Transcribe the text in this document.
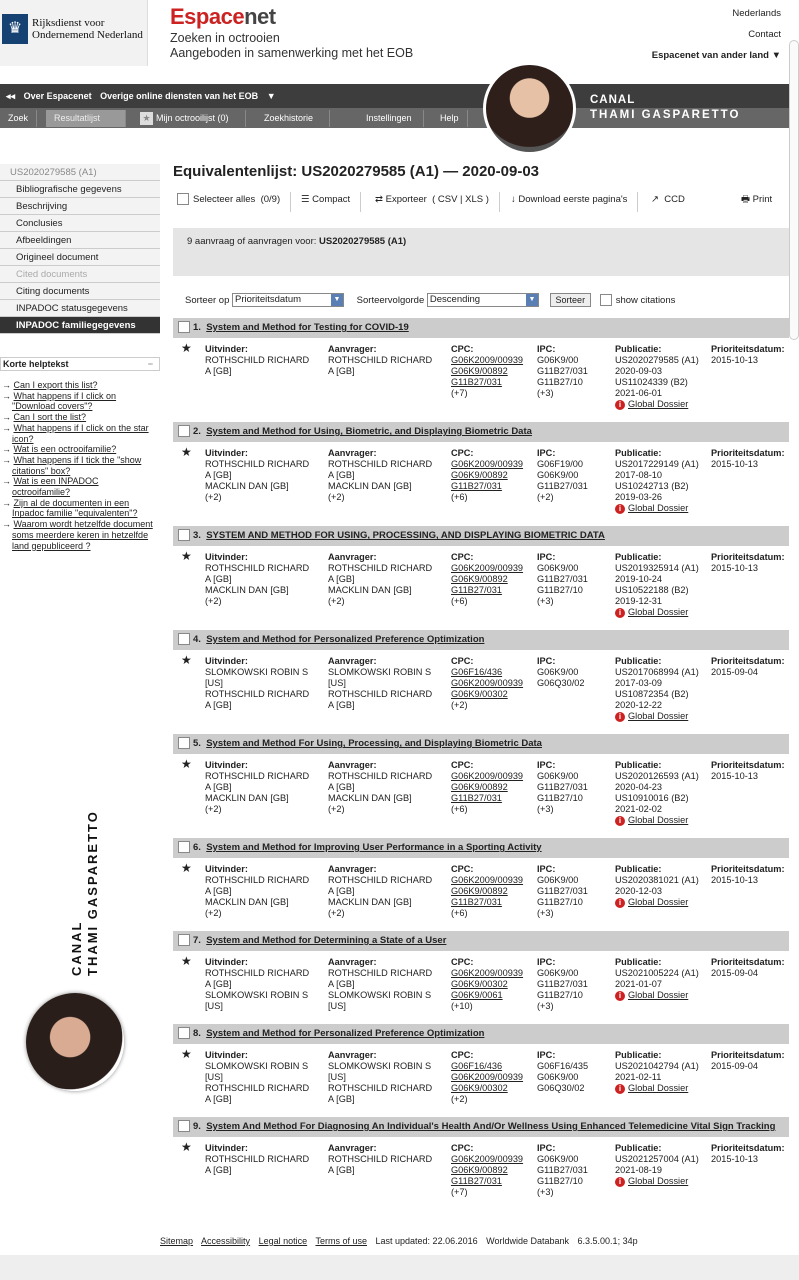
♛ Rijksdienst voor
Ondernemend Nederland
Espacenet
Zoeken in octrooien
Aangeboden in samenwerking met het EOB
Nederlands
Contact
Espacenet van ander land ▼
◂◂ Over Espacenet Overige online diensten van het EOB ▼
Zoek	Resultatlijst	★ Mijn octrooilijst (0)	Zoekhistorie	Instellingen	Help
CANAL
THAMI GASPARETTO
US2020279585 (A1)
Bibliografische gegevens
Beschrijving
Conclusies
Afbeeldingen
Origineel document
Cited documents
Citing documents
INPADOC statusgegevens
INPADOC familiegegevens
Korte helptekst	−
→ Can I export this list?
→ What happens if I click on "Download covers"?
→ Can I sort the list?
→ What happens if I click on the star icon?
→ Wat is een octrooifamilie?
→ What happens if I tick the "show citations" box?
→ Wat is een INPADOC octrooifamilie?
→ Zijn al de documenten in een Inpadoc familie "equivalenten"?
→ Waarom wordt hetzelfde document soms meerdere keren in hetzelfde land gepubliceerd ?
CANAL THAMI GASPARETTO
Equivalentenlijst: US2020279585 (A1) — 2020-09-03
Selecteer alles (0/9)	☰ Compact	⇄ Exporteer ( CSV | XLS )	↓ Download eerste pagina's	↗ CCD	🖶 Print
9 aanvraag of aanvragen voor: US2020279585 (A1)
Sorteer op Prioriteitsdatum	▼ Sorteervolgorde Descending	▼ Sorteer	show citations
1. System and Method for Testing for COVID-19
★ Uitvinder:
ROTHSCHILD RICHARD
A [GB]
Aanvrager:
ROTHSCHILD RICHARD
A [GB]
CPC:
G06K2009/00939
G06K9/00892
G11B27/031
(+7)
IPC:
G06K9/00
G11B27/031
G11B27/10
(+3)
Publicatie:
US2020279585 (A1)
2020-09-03
US11024339 (B2)
2021-06-01
i Global Dossier
Prioriteitsdatum:
2015-10-13
2. System and Method for Using, Biometric, and Displaying Biometric Data
★ Uitvinder:
ROTHSCHILD RICHARD
A [GB]
MACKLIN DAN [GB]
(+2)
Aanvrager:
ROTHSCHILD RICHARD
A [GB]
MACKLIN DAN [GB]
(+2)
CPC:
G06K2009/00939
G06K9/00892
G11B27/031
(+6)
IPC:
G06F19/00
G06K9/00
G11B27/031
(+2)
Publicatie:
US2017229149 (A1)
2017-08-10
US10242713 (B2)
2019-03-26
i Global Dossier
Prioriteitsdatum:
2015-10-13
3. SYSTEM AND METHOD FOR USING, PROCESSING, AND DISPLAYING BIOMETRIC DATA
★ Uitvinder:
ROTHSCHILD RICHARD
A [GB]
MACKLIN DAN [GB]
(+2)
Aanvrager:
ROTHSCHILD RICHARD
A [GB]
MACKLIN DAN [GB]
(+2)
CPC:
G06K2009/00939
G06K9/00892
G11B27/031
(+6)
IPC:
G06K9/00
G11B27/031
G11B27/10
(+3)
Publicatie:
US2019325914 (A1)
2019-10-24
US10522188 (B2)
2019-12-31
i Global Dossier
Prioriteitsdatum:
2015-10-13
4. System and Method for Personalized Preference Optimization
★ Uitvinder:
SLOMKOWSKI ROBIN S
[US]
ROTHSCHILD RICHARD
A [GB]
Aanvrager:
SLOMKOWSKI ROBIN S
[US]
ROTHSCHILD RICHARD
A [GB]
CPC:
G06F16/436
G06K2009/00939
G06K9/00302
(+2)
IPC:
G06K9/00
G06Q30/02
Publicatie:
US2017068994 (A1)
2017-03-09
US10872354 (B2)
2020-12-22
i Global Dossier
Prioriteitsdatum:
2015-09-04
5. System and Method For Using, Processing, and Displaying Biometric Data
★ Uitvinder:
ROTHSCHILD RICHARD
A [GB]
MACKLIN DAN [GB]
(+2)
Aanvrager:
ROTHSCHILD RICHARD
A [GB]
MACKLIN DAN [GB]
(+2)
CPC:
G06K2009/00939
G06K9/00892
G11B27/031
(+6)
IPC:
G06K9/00
G11B27/031
G11B27/10
(+3)
Publicatie:
US2020126593 (A1)
2020-04-23
US10910016 (B2)
2021-02-02
i Global Dossier
Prioriteitsdatum:
2015-10-13
6. System and Method for Improving User Performance in a Sporting Activity
★ Uitvinder:
ROTHSCHILD RICHARD
A [GB]
MACKLIN DAN [GB]
(+2)
Aanvrager:
ROTHSCHILD RICHARD
A [GB]
MACKLIN DAN [GB]
(+2)
CPC:
G06K2009/00939
G06K9/00892
G11B27/031
(+6)
IPC:
G06K9/00
G11B27/031
G11B27/10
(+3)
Publicatie:
US2020381021 (A1)
2020-12-03
i Global Dossier
Prioriteitsdatum:
2015-10-13
7. System and Method for Determining a State of a User
★ Uitvinder:
ROTHSCHILD RICHARD
A [GB]
SLOMKOWSKI ROBIN S
[US]
Aanvrager:
ROTHSCHILD RICHARD
A [GB]
SLOMKOWSKI ROBIN S
[US]
CPC:
G06K2009/00939
G06K9/00302
G06K9/0061
(+10)
IPC:
G06K9/00
G11B27/031
G11B27/10
(+3)
Publicatie:
US2021005224 (A1)
2021-01-07
i Global Dossier
Prioriteitsdatum:
2015-09-04
8. System and Method for Personalized Preference Optimization
★ Uitvinder:
SLOMKOWSKI ROBIN S
[US]
ROTHSCHILD RICHARD
A [GB]
Aanvrager:
SLOMKOWSKI ROBIN S
[US]
ROTHSCHILD RICHARD
A [GB]
CPC:
G06F16/436
G06K2009/00939
G06K9/00302
(+2)
IPC:
G06F16/435
G06K9/00
G06Q30/02
Publicatie:
US2021042794 (A1)
2021-02-11
i Global Dossier
Prioriteitsdatum:
2015-09-04
9. System And Method For Diagnosing An Individual's Health And/Or Wellness Using Enhanced Telemedicine Vital Sign Tracking
★ Uitvinder:
ROTHSCHILD RICHARD
A [GB]
Aanvrager:
ROTHSCHILD RICHARD
A [GB]
CPC:
G06K2009/00939
G06K9/00892
G11B27/031
(+7)
IPC:
G06K9/00
G11B27/031
G11B27/10
(+3)
Publicatie:
US2021257004 (A1)
2021-08-19
i Global Dossier
Prioriteitsdatum:
2015-10-13
Sitemap Accessibility Legal notice Terms of use Last updated: 22.06.2016 Worldwide Databank 6.3.5.00.1; 34p
